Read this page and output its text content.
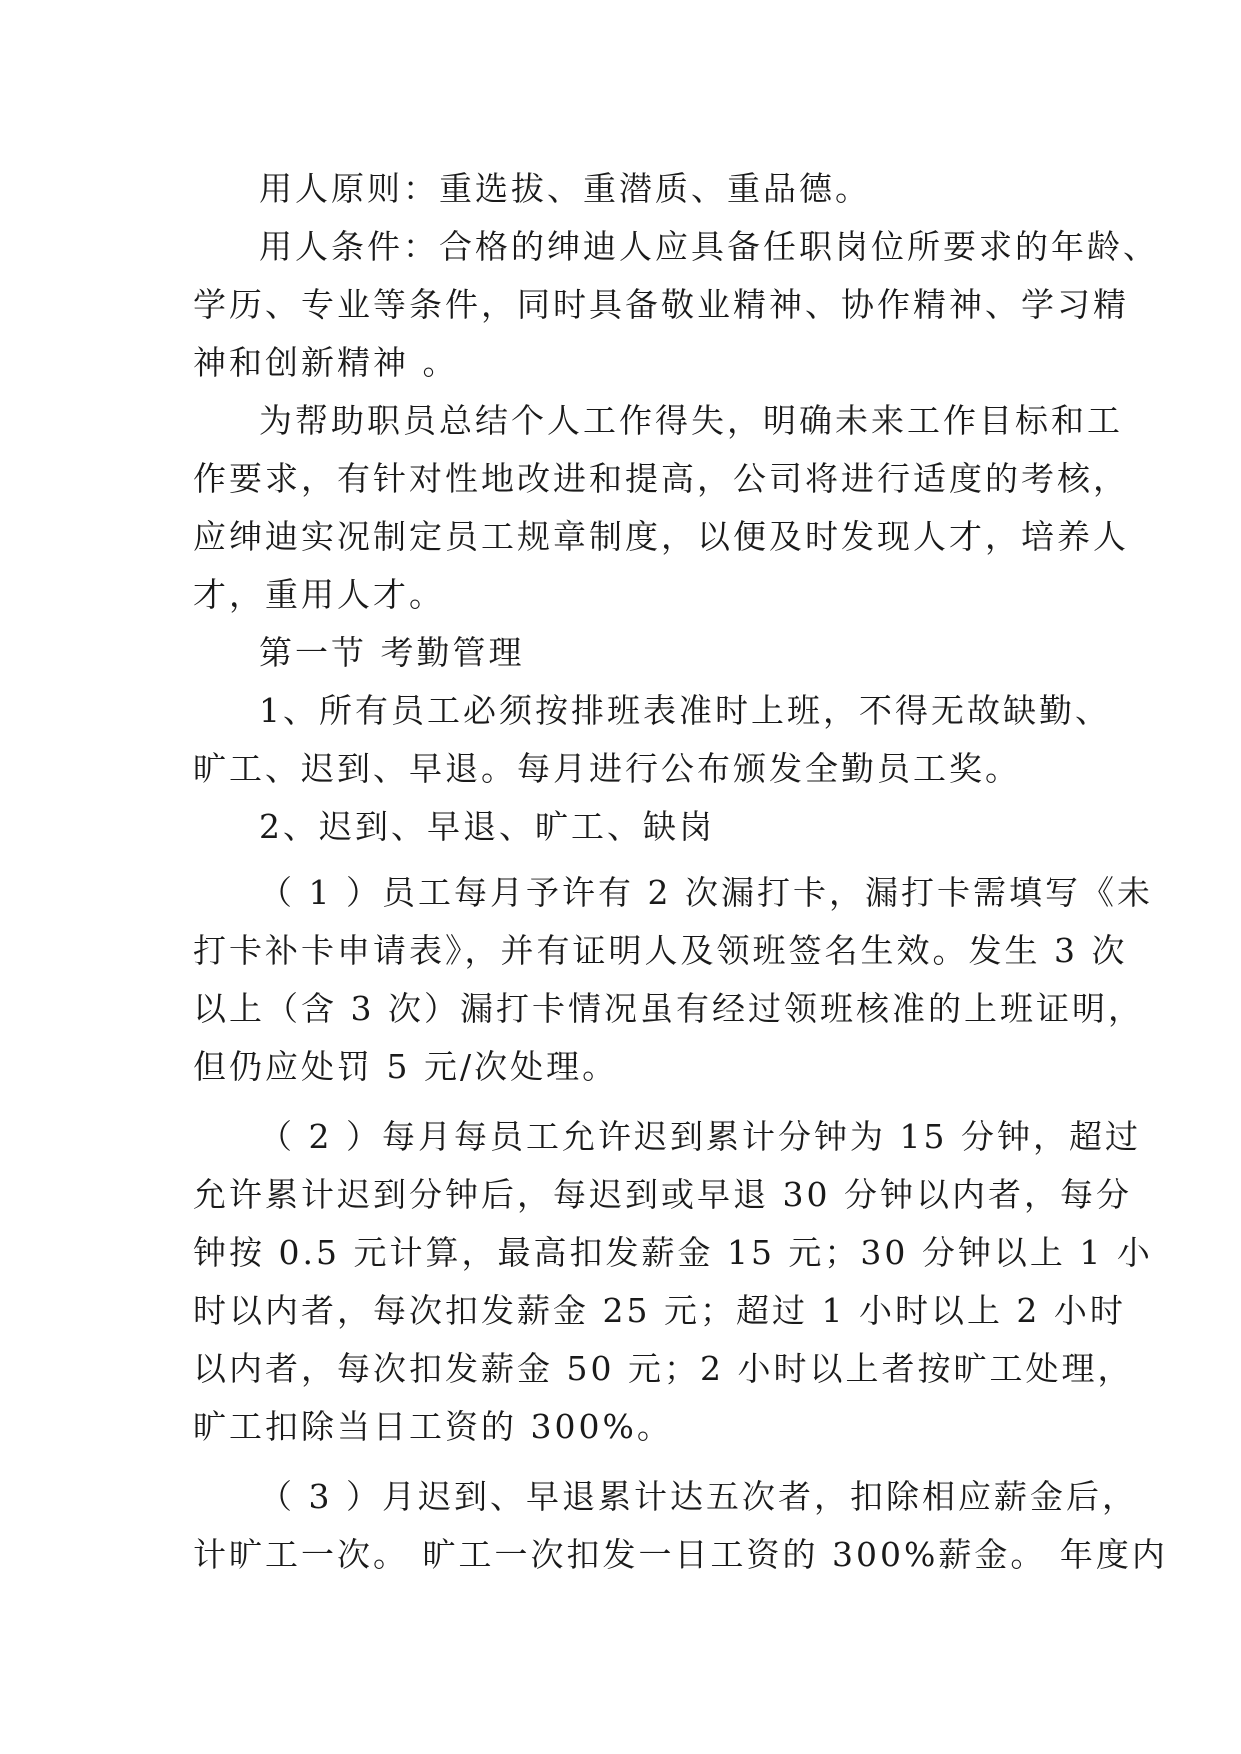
用人原则：重选拔、重潜质、重品德。

用人条件：合格的绅迪人应具备任职岗位所要求的年龄、
学历、专业等条件，同时具备敬业精神、协作精神、学习精
神和创新精神 。

为帮助职员总结个人工作得失，明确未来工作目标和工
作要求，有针对性地改进和提高，公司将进行适度的考核，
应绅迪实况制定员工规章制度，以便及时发现人才，培养人
才，重用人才。

第一节 考勤管理

1、所有员工必须按排班表准时上班，不得无故缺勤、
旷工、迟到、早退。每月进行公布颁发全勤员工奖。

2、迟到、早退、旷工、缺岗

（ 1 ）员工每月予许有 2 次漏打卡，漏打卡需填写《未
打卡补卡申请表》，并有证明人及领班签名生效。发生 3 次
以上（含 3 次）漏打卡情况虽有经过领班核准的上班证明，
但仍应处罚 5 元/次处理。

（ 2 ）每月每员工允许迟到累计分钟为 15 分钟，超过
允许累计迟到分钟后，每迟到或早退 30 分钟以内者，每分
钟按 0.5 元计算，最高扣发薪金 15 元；30 分钟以上 1 小
时以内者，每次扣发薪金 25 元；超过 1 小时以上 2 小时
以内者，每次扣发薪金 50 元；2 小时以上者按旷工处理，
旷工扣除当日工资的 300%。

（ 3 ）月迟到、早退累计达五次者，扣除相应薪金后，
计旷工一次。 旷工一次扣发一日工资的 300%薪金。 年度内
